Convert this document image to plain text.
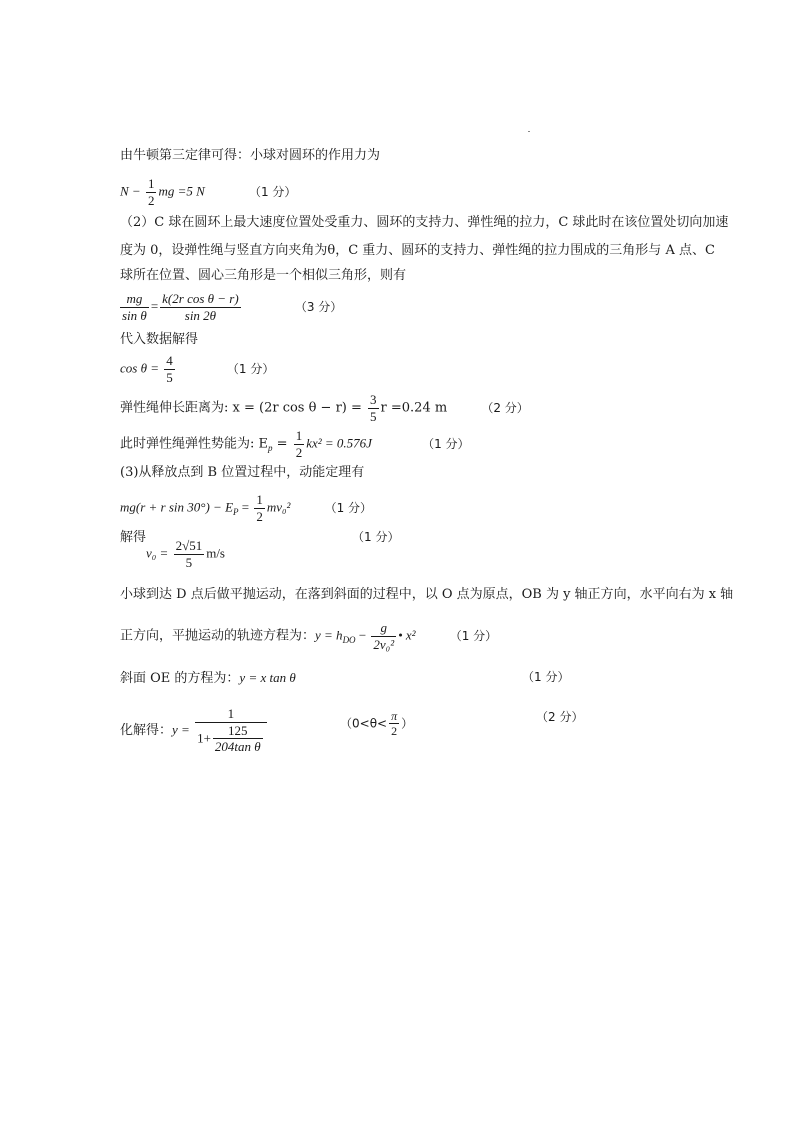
由牛顿第三定律可得：小球对圆环的作用力为
$N - \frac{1}{2}$ mg =5 N	（1 分）
（2）C 球在圆环上最大速度位置处受重力、圆环的支持力、弹性绳的拉力，C 球此时在该位置处切向加速
度为 0，设弹性绳与竖直方向夹角为θ，C 重力、圆环的支持力、弹性绳的拉力围成的三角形与 A 点、C
球所在位置、圆心三角形是一个相似三角形，则有
$\frac{mg}{\text{sin θ}} = \frac{\text{k(2r cos θ − r)}}{\sin 2\theta}$	（3 分）
代入数据解得
$\cos \theta = \frac{4}{5}$	（1 分）
弹性绳伸长距离为: x = (2r $\cos \theta - r) = \frac{3}{5}$ r =0.24 m	（2 分）
此时弹性绳弹性势能为: $E_p = \frac{1}{2} kx^2 = 0.576J$	（1 分）
(3)从释放点到 B 位置过程中，动能定理有
mg(r + r $\sin 30^\circ) - E_P = \frac{1}{2} mv_0^2$	（1 分）
解得	（1 分）
$v_0 = \frac{2√51}{5} m/s$
小球到达 D 点后做平抛运动，在落到斜面的过程中，以 O 点为原点，OB 为 y 轴正方向，水平向右为 x 轴
正方向，平抛运动的轨迹方程为：$y = h_{DO} - \frac{g}{\text{2v₀²}}$ • x²	（1 分）
斜面 OE 的方程为：y = x tan θ	（1 分）
化解得：$y = \frac{1}{1+ \frac{125}{\text{204tan θ}}}$	（$0<\theta< \frac{\pi}{2}$ ）	（2 分）
